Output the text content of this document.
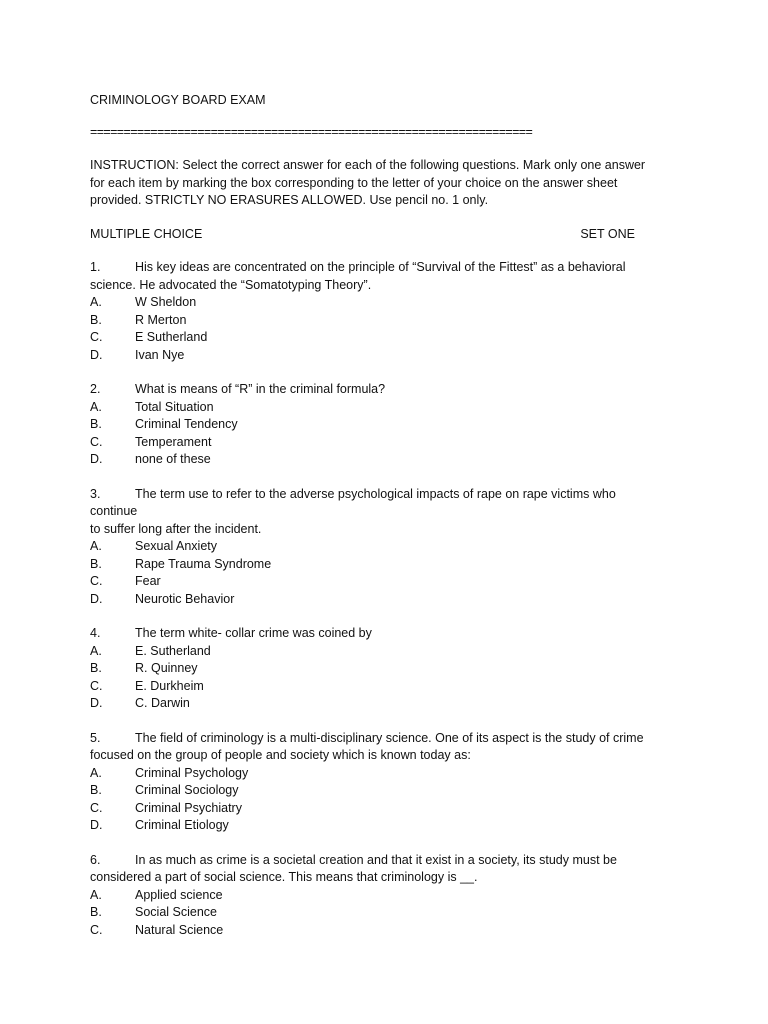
CRIMINOLOGY BOARD EXAM
==================================================================
INSTRUCTION: Select the correct answer for each of the following questions. Mark only one answer for each item by marking the box corresponding to the letter of your choice on the answer sheet provided. STRICTLY NO ERASURES ALLOWED. Use pencil no. 1 only.
MULTIPLE CHOICE	SET ONE
1.	His key ideas are concentrated on the principle of “Survival of the Fittest” as a behavioral
science. He advocated the “Somatotyping Theory”.
A.	W Sheldon
B.	R Merton
C.	E Sutherland
D.	Ivan Nye
2.	What is means of “R” in the criminal formula?
A.	Total Situation
B.	Criminal Tendency
C.	Temperament
D.	none of these
3.	The term use to refer to the adverse psychological impacts of rape on rape victims who continue
to suffer long after the incident.
A.	Sexual Anxiety
B.	Rape Trauma Syndrome
C.	Fear
D.	Neurotic Behavior
4.	The term white- collar crime was coined by
A.	E. Sutherland
B.	R. Quinney
C.	E. Durkheim
D.	C. Darwin
5.	The field of criminology is a multi-disciplinary science. One of its aspect is the study of crime
focused on the group of people and society which is known today as:
A.	Criminal Psychology
B.	Criminal Sociology
C.	Criminal Psychiatry
D.	Criminal Etiology
6.	In as much as crime is a societal creation and that it exist in a society, its study must be
considered a part of social science. This means that criminology is __.
A.	Applied science
B.	Social Science
C.	Natural Science
